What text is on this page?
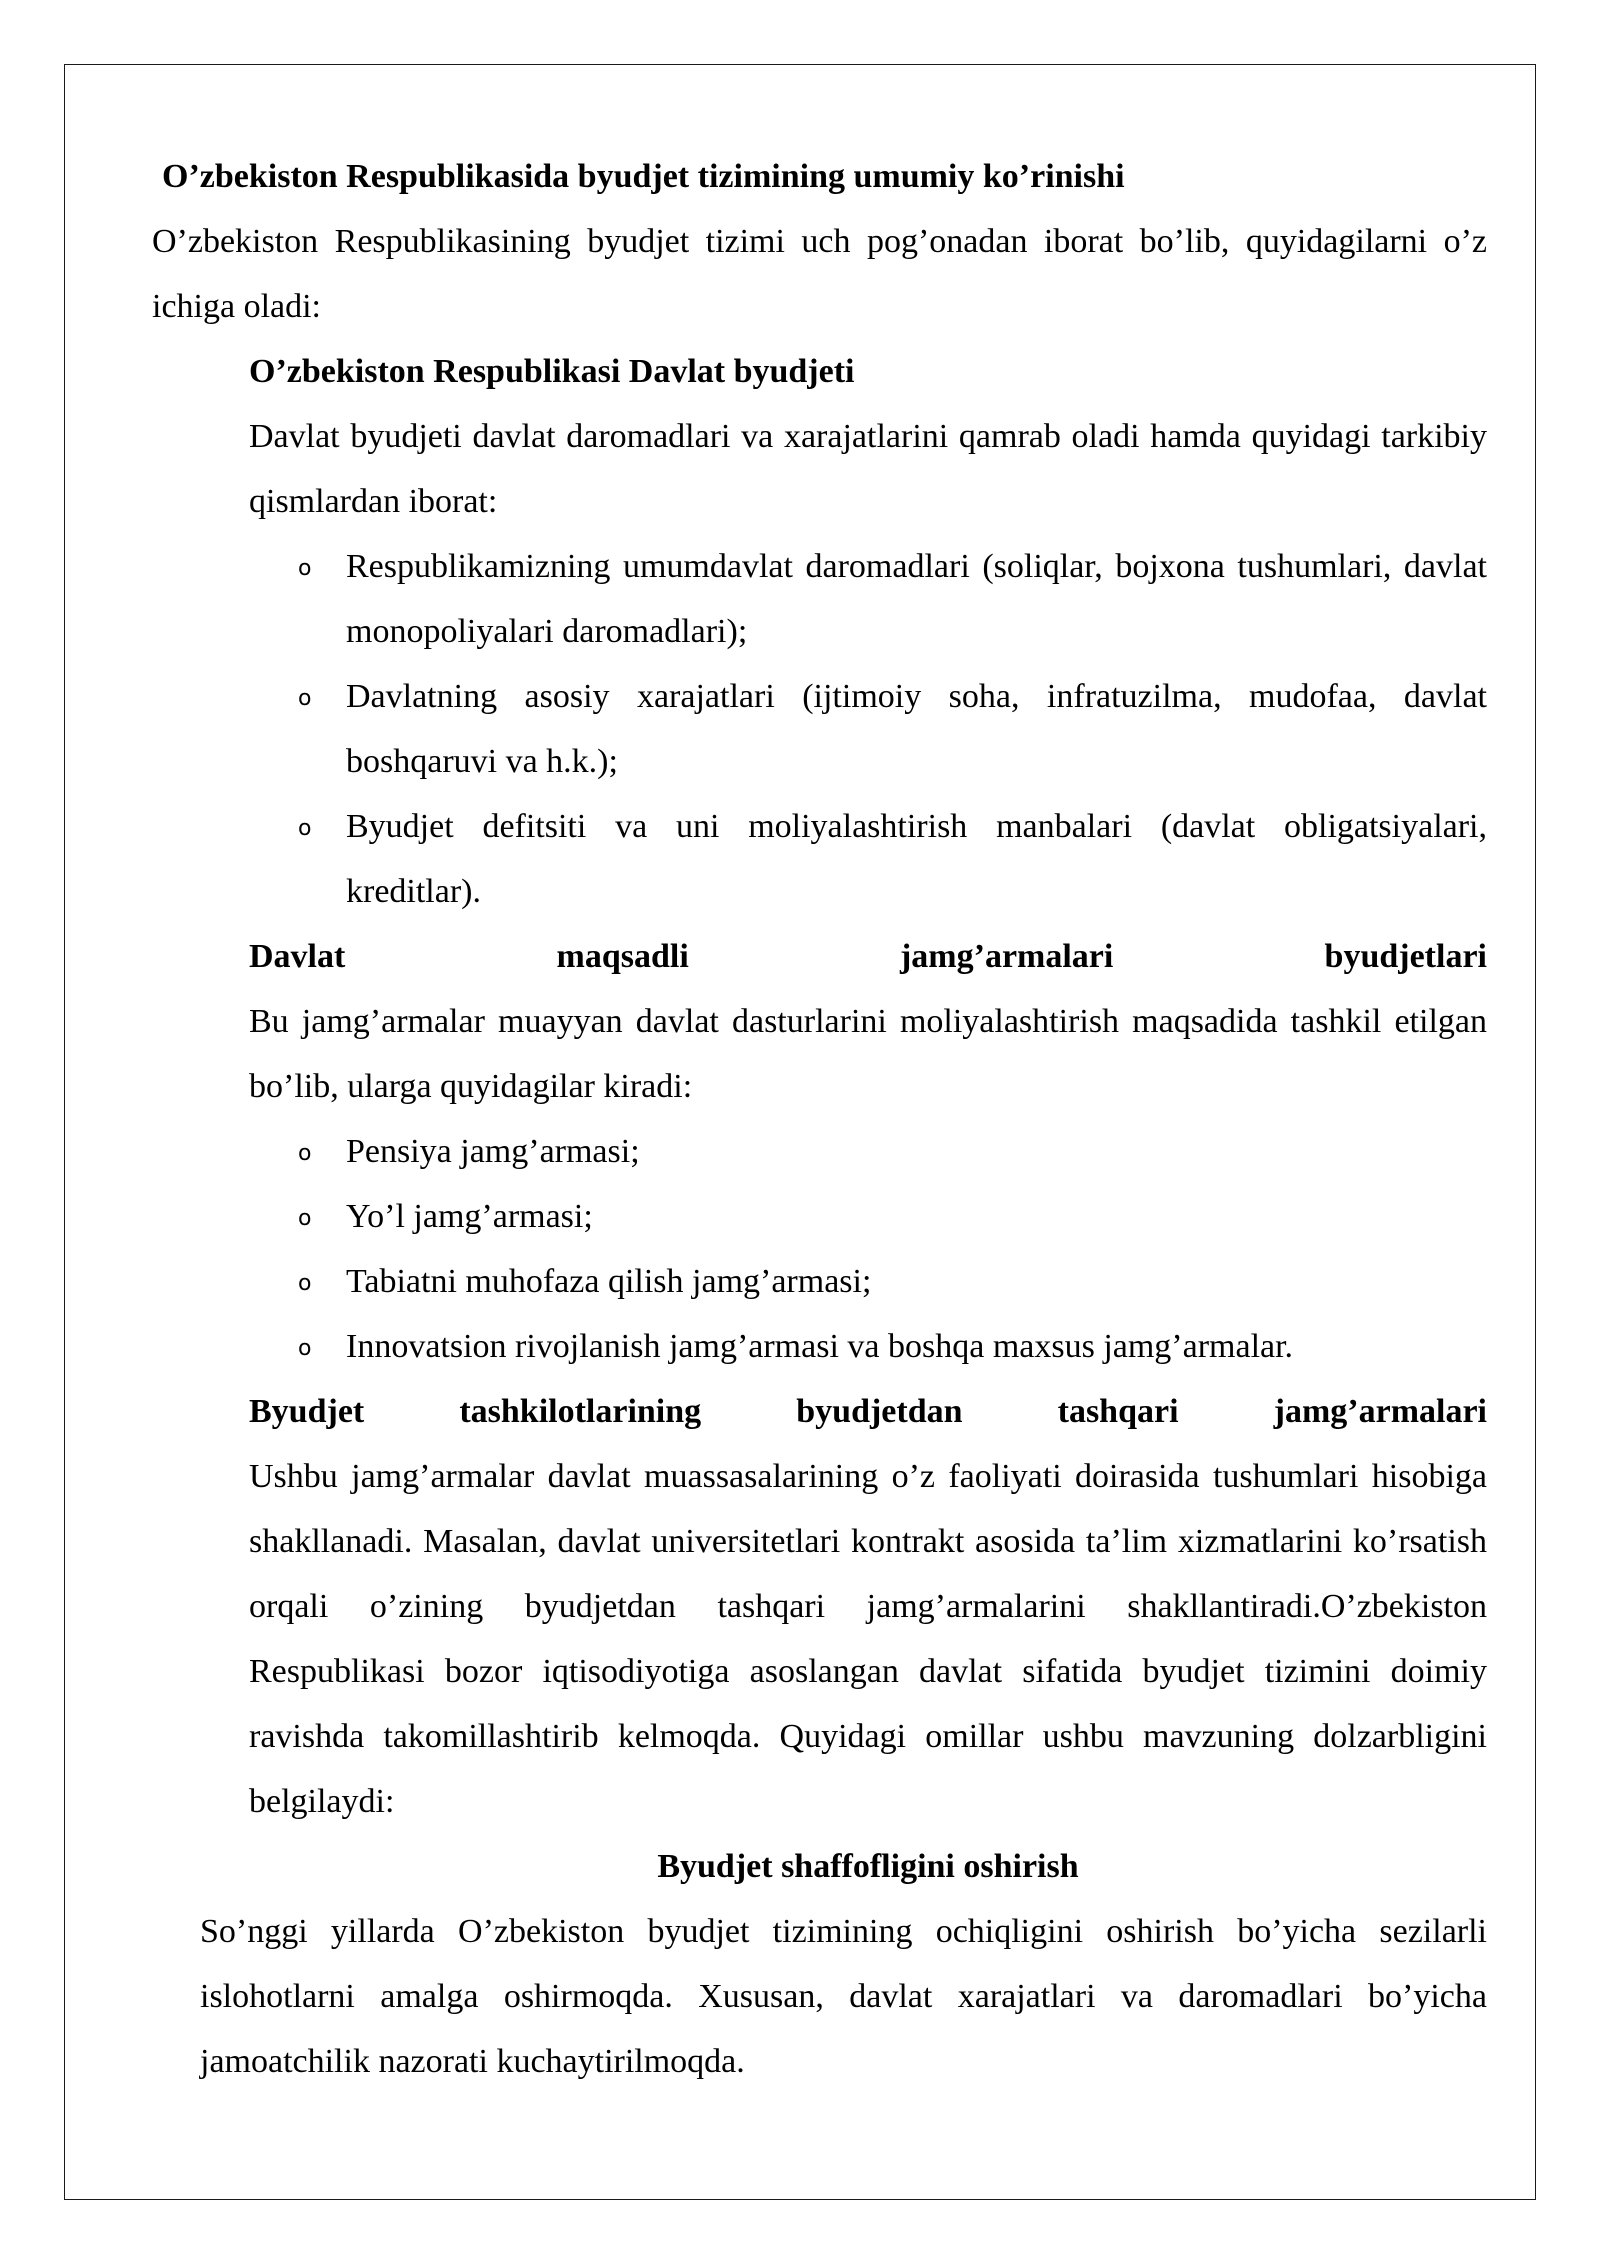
O’zbekiston Respublikasida byudjet tizimining umumiy ko’rinishi

O’zbekiston Respublikasining byudjet tizimi uch pog’onadan iborat bo’lib, quyidagilarni o’z ichiga oladi:

O’zbekiston Respublikasi Davlat byudjeti

Davlat byudjeti davlat daromadlari va xarajatlarini qamrab oladi hamda quyidagi tarkibiy qismlardan iborat:

o Respublikamizning umumdavlat daromadlari (soliqlar, bojxona tushumlari, davlat monopoliyalari daromadlari);
o Davlatning asosiy xarajatlari (ijtimoiy soha, infratuzilma, mudofaa, davlat boshqaruvi va h.k.);
o Byudjet defitsiti va uni moliyalashtirish manbalari (davlat obligatsiyalari, kreditlar).

Davlat maqsadli jamg’armalari byudjetlari

Bu jamg’armalar muayyan davlat dasturlarini moliyalashtirish maqsadida tashkil etilgan bo’lib, ularga quyidagilar kiradi:

o Pensiya jamg’armasi;
o Yo’l jamg’armasi;
o Tabiatni muhofaza qilish jamg’armasi;
o Innovatsion rivojlanish jamg’armasi va boshqa maxsus jamg’armalar.

Byudjet tashkilotlarining byudjetdan tashqari jamg’armalari

Ushbu jamg’armalar davlat muassasalarining o’z faoliyati doirasida tushumlari hisobiga shakllanadi. Masalan, davlat universitetlari kontrakt asosida ta’lim xizmatlarini ko’rsatish orqali o’zining byudjetdan tashqari jamg’armalarini shakllantiradi.O’zbekiston Respublikasi bozor iqtisodiyotiga asoslangan davlat sifatida byudjet tizimini doimiy ravishda takomillashtirib kelmoqda. Quyidagi omillar ushbu mavzuning dolzarbligini belgilaydi:

Byudjet shaffofligini oshirish

So’nggi yillarda O’zbekiston byudjet tizimining ochiqligini oshirish bo’yicha sezilarli islohotlarni amalga oshirmoqda. Xususan, davlat xarajatlari va daromadlari bo’yicha jamoatchilik nazorati kuchaytirilmoqda.
